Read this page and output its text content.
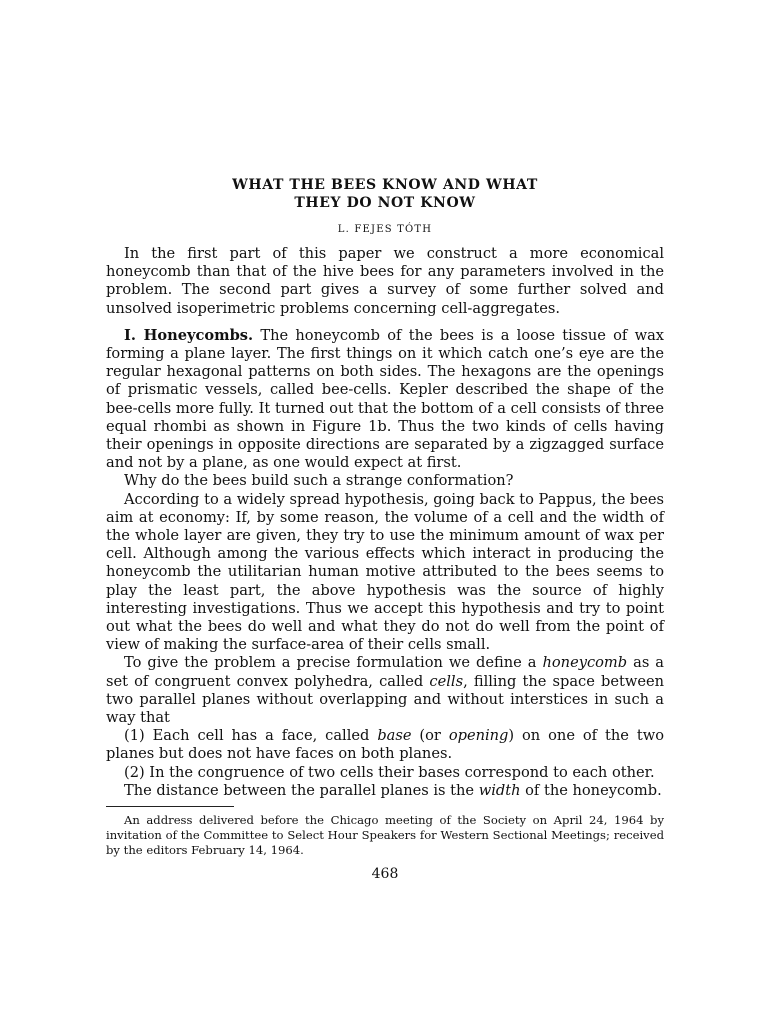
WHAT THE BEES KNOW AND WHAT
THEY DO NOT KNOW

L. FEJES TÓTH

In the first part of this paper we construct a more economical honeycomb than that of the hive bees for any parameters involved in the problem. The second part gives a survey of some further solved and unsolved isoperimetric problems concerning cell-aggregates.

I. Honeycombs. The honeycomb of the bees is a loose tissue of wax forming a plane layer. The first things on it which catch one’s eye are the regular hexagonal patterns on both sides. The hexagons are the openings of prismatic vessels, called bee-cells. Kepler described the shape of the bee-cells more fully. It turned out that the bottom of a cell consists of three equal rhombi as shown in Figure 1b. Thus the two kinds of cells having their openings in opposite directions are separated by a zigzagged surface and not by a plane, as one would expect at first.

Why do the bees build such a strange conformation?

According to a widely spread hypothesis, going back to Pappus, the bees aim at economy: If, by some reason, the volume of a cell and the width of the whole layer are given, they try to use the minimum amount of wax per cell. Although among the various effects which interact in producing the honeycomb the utilitarian human motive attributed to the bees seems to play the least part, the above hypothesis was the source of highly interesting investigations. Thus we accept this hypothesis and try to point out what the bees do well and what they do not do well from the point of view of making the surface-area of their cells small.

To give the problem a precise formulation we define a honeycomb as a set of congruent convex polyhedra, called cells, filling the space between two parallel planes without overlapping and without interstices in such a way that

(1) Each cell has a face, called base (or opening) on one of the two planes but does not have faces on both planes.

(2) In the congruence of two cells their bases correspond to each other.

The distance between the parallel planes is the width of the honeycomb.

An address delivered before the Chicago meeting of the Society on April 24, 1964 by invitation of the Committee to Select Hour Speakers for Western Sectional Meetings; received by the editors February 14, 1964.

468
